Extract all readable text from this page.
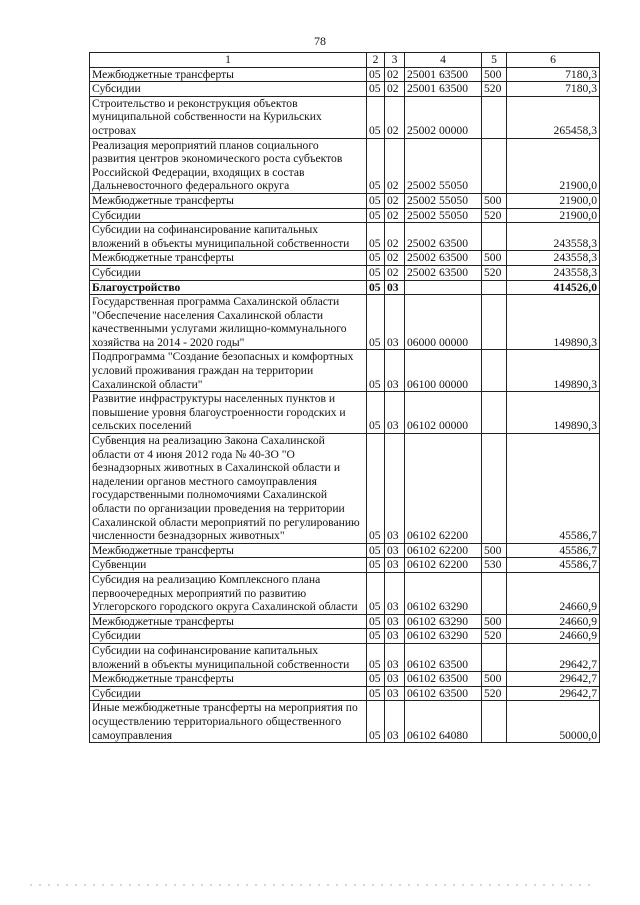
78
1	2	3	4	5	6
Межбюджетные трансферты	05	02	25001 63500	500	7180,3
Субсидии	05	02	25001 63500	520	7180,3
Строительство и реконструкция объектов муниципальной собственности на Курильских островах	05	02	25002 00000		265458,3
Реализация мероприятий планов социального развития центров экономического роста субъектов Российской Федерации, входящих в состав Дальневосточного федерального округа	05	02	25002 55050		21900,0
Межбюджетные трансферты	05	02	25002 55050	500	21900,0
Субсидии	05	02	25002 55050	520	21900,0
Субсидии на софинансирование капитальных вложений в объекты муниципальной собственности	05	02	25002 63500		243558,3
Межбюджетные трансферты	05	02	25002 63500	500	243558,3
Субсидии	05	02	25002 63500	520	243558,3
Благоустройство	05	03			414526,0
Государственная программа Сахалинской области "Обеспечение населения Сахалинской области качественными услугами жилищно-коммунального хозяйства на 2014 - 2020 годы"	05	03	06000 00000		149890,3
Подпрограмма "Создание безопасных и комфортных условий проживания граждан на территории Сахалинской области"	05	03	06100 00000		149890,3
Развитие инфраструктуры населенных пунктов и повышение уровня благоустроенности городских и сельских поселений	05	03	06102 00000		149890,3
Субвенция на реализацию Закона Сахалинской области от 4 июня 2012 года № 40-ЗО "О безнадзорных животных в Сахалинской области и наделении органов местного самоуправления государственными полномочиями Сахалинской области по организации проведения на территории Сахалинской области мероприятий по регулированию численности безнадзорных животных"	05	03	06102 62200		45586,7
Межбюджетные трансферты	05	03	06102 62200	500	45586,7
Субвенции	05	03	06102 62200	530	45586,7
Субсидия на реализацию Комплексного плана первоочередных мероприятий по развитию Углегорского городского округа Сахалинской области	05	03	06102 63290		24660,9
Межбюджетные трансферты	05	03	06102 63290	500	24660,9
Субсидии	05	03	06102 63290	520	24660,9
Субсидии на софинансирование капитальных вложений в объекты муниципальной собственности	05	03	06102 63500		29642,7
Межбюджетные трансферты	05	03	06102 63500	500	29642,7
Субсидии	05	03	06102 63500	520	29642,7
Иные межбюджетные трансферты на мероприятия по осуществлению территориального общественного самоуправления	05	03	06102 64080		50000,0
